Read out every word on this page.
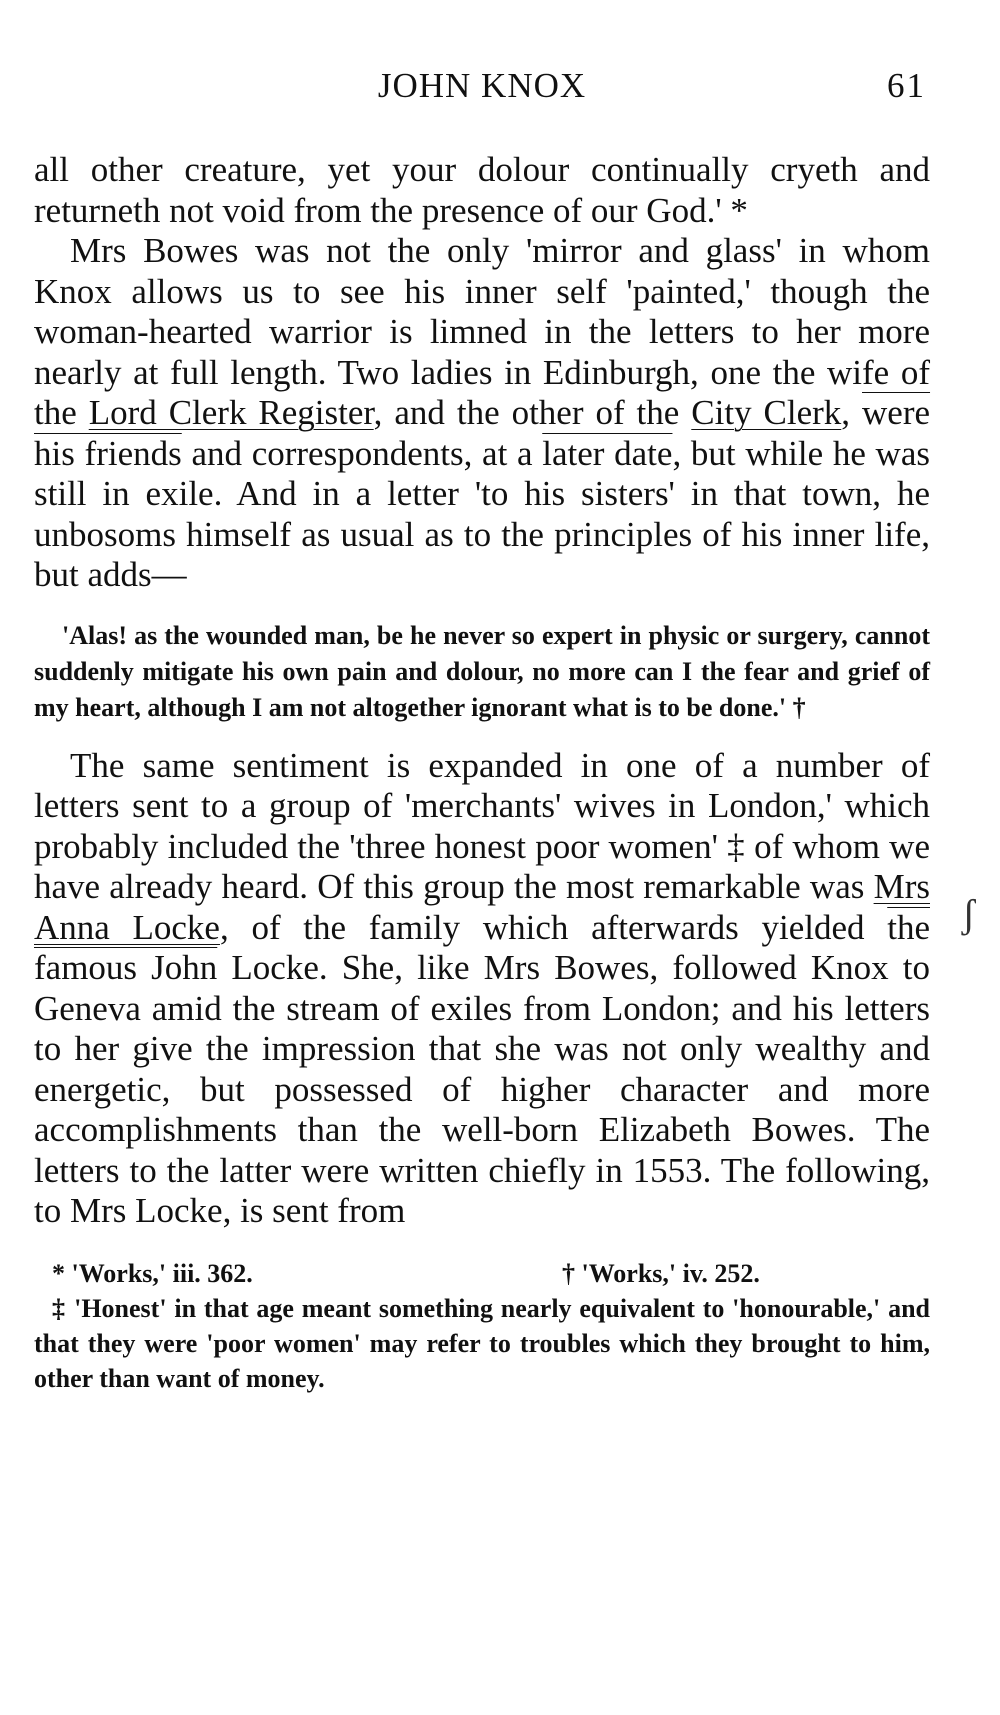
JOHN KNOX	61

all other creature, yet your dolour continually cryeth and returneth not void from the presence of our God.' *

Mrs Bowes was not the only 'mirror and glass' in whom Knox allows us to see his inner self 'painted,' though the woman-hearted warrior is limned in the letters to her more nearly at full length. Two ladies in Edinburgh, one the wife of the Lord Clerk Register, and the other of the City Clerk, were his friends and correspondents, at a later date, but while he was still in exile. And in a letter 'to his sisters' in that town, he unbosoms himself as usual as to the principles of his inner life, but adds—

'Alas! as the wounded man, be he never so expert in physic or surgery, cannot suddenly mitigate his own pain and dolour, no more can I the fear and grief of my heart, although I am not altogether ignorant what is to be done.' †

The same sentiment is expanded in one of a number of letters sent to a group of 'merchants' wives in London,' which probably included the 'three honest poor women' ‡ of whom we have already heard. Of this group the most remarkable was Mrs Anna Locke, of the family which afterwards yielded the famous John Locke. She, like Mrs Bowes, followed Knox to Geneva amid the stream of exiles from London; and his letters to her give the impression that she was not only wealthy and energetic, but possessed of higher character and more accomplishments than the well-born Elizabeth Bowes. The letters to the latter were written chiefly in 1553. The following, to Mrs Locke, is sent from

* 'Works,' iii. 362.	† 'Works,' iv. 252.

‡ 'Honest' in that age meant something nearly equivalent to 'honourable,' and that they were 'poor women' may refer to troubles which they brought to him, other than want of money.

ʃ
